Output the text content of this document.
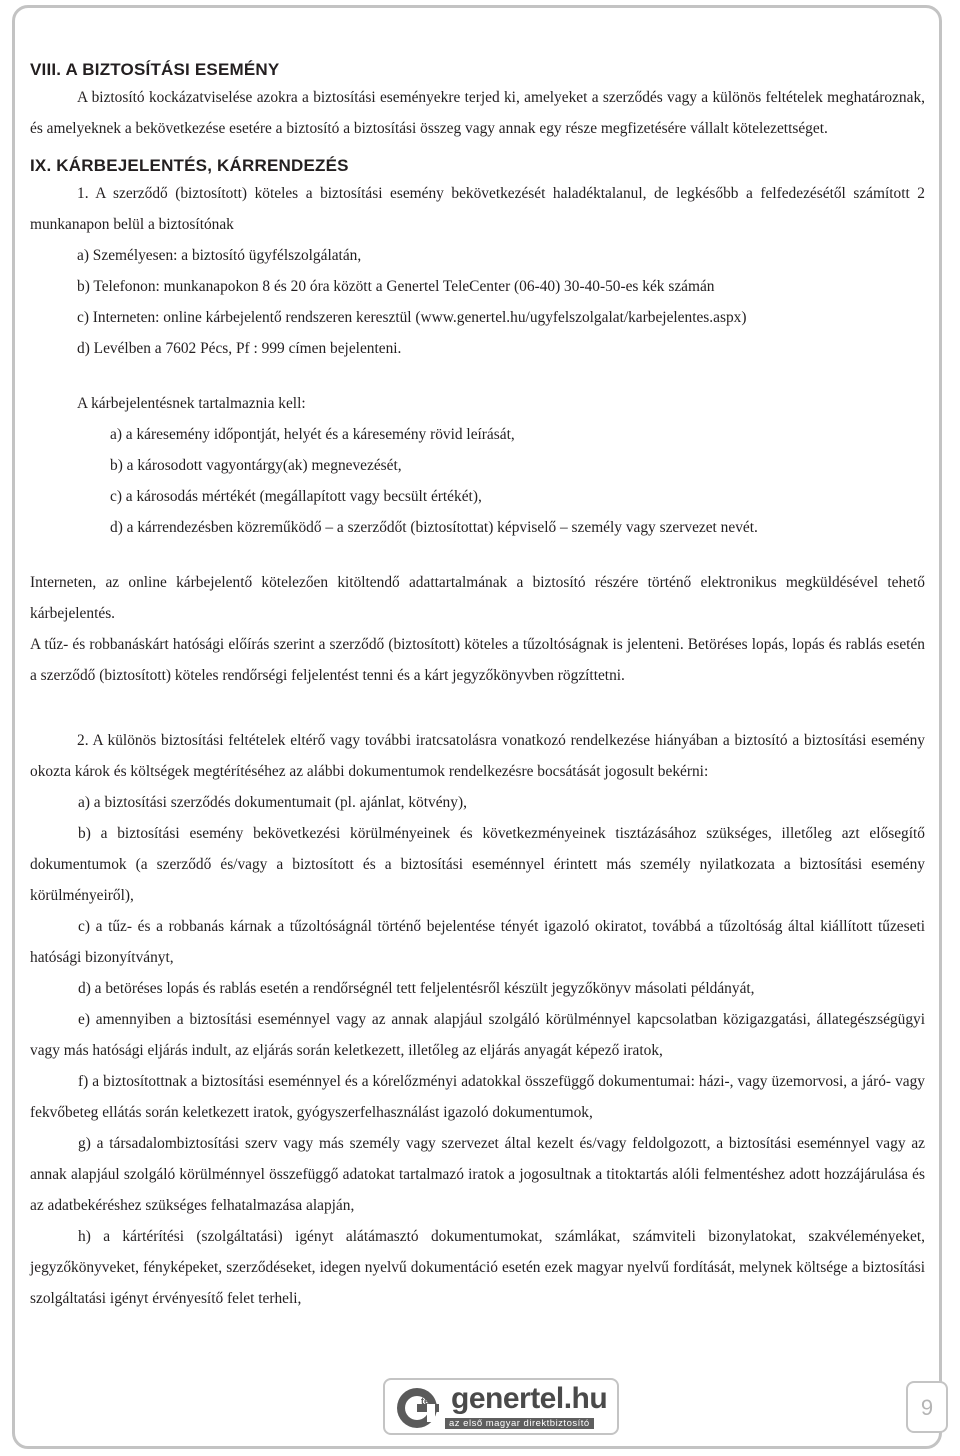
VIII. A BIZTOSÍTÁSI ESEMÉNY

A biztosító kockázatviselése azokra a biztosítási eseményekre terjed ki, amelyeket a szerződés vagy a különös feltételek meghatároznak, és amelyeknek a bekövetkezése esetére a biztosító a biztosítási összeg vagy annak egy része megfizetésére vállalt kötelezettséget.

IX. KÁRBEJELENTÉS, KÁRRENDEZÉS

1. A szerződő (biztosított) köteles a biztosítási esemény bekövetkezését haladéktalanul, de legkésőbb a felfedezésétől számított 2 munkanapon belül a biztosítónak

a) Személyesen: a biztosító ügyfélszolgálatán,

b) Telefonon: munkanapokon 8 és 20 óra között a Genertel TeleCenter (06-40) 30-40-50-es kék számán

c) Interneten: online kárbejelentő rendszeren keresztül (www.genertel.hu/ugyfelszolgalat/karbejelentes.aspx)

d) Levélben a 7602 Pécs, Pf : 999 címen bejelenteni.

A kárbejelentésnek tartalmaznia kell:

a) a káresemény időpontját, helyét és a káresemény rövid leírását,

b) a károsodott vagyontárgy(ak) megnevezését,

c) a károsodás mértékét (megállapított vagy becsült értékét),

d) a kárrendezésben közreműködő – a szerződőt (biztosítottat) képviselő – személy vagy szervezet nevét.

Interneten, az online kárbejelentő kötelezően kitöltendő adattartalmának a biztosító részére történő elektronikus megküldésével tehető kárbejelentés.

A tűz- és robbanáskárt hatósági előírás szerint a szerződő (biztosított) köteles a tűzoltóságnak is jelenteni. Betöréses lopás, lopás és rablás esetén a szerződő (biztosított) köteles rendőrségi feljelentést tenni és a kárt jegyzőkönyvben rögzíttetni.

2. A különös biztosítási feltételek eltérő vagy további iratcsatolásra vonatkozó rendelkezése hiányában a biztosító a biztosítási esemény okozta károk és költségek megtérítéséhez az alábbi dokumentumok rendelkezésre bocsátását jogosult bekérni:

a) a biztosítási szerződés dokumentumait (pl. ajánlat, kötvény),

b) a biztosítási esemény bekövetkezési körülményeinek és következményeinek tisztázásához szükséges, illetőleg azt elősegítő dokumentumok (a szerződő és/vagy a biztosított és a biztosítási eseménnyel érintett más személy nyilatkozata a biztosítási esemény körülményeiről),

c) a tűz- és a robbanás kárnak a tűzoltóságnál történő bejelentése tényét igazoló okiratot, továbbá a tűzoltóság által kiállított tűzeseti hatósági bizonyítványt,

d) a betöréses lopás és rablás esetén a rendőrségnél tett feljelentésről készült jegyzőkönyv másolati példányát,

e) amennyiben a biztosítási eseménnyel vagy az annak alapjául szolgáló körülménnyel kapcsolatban közigazgatási, állategészségügyi vagy más hatósági eljárás indult, az eljárás során keletkezett, illetőleg az eljárás anyagát képező iratok,

f) a biztosítottnak a biztosítási eseménnyel és a kórelőzményi adatokkal összefüggő dokumentumai: házi-, vagy üzemorvosi, a járó- vagy fekvőbeteg ellátás során keletkezett iratok, gyógyszerfelhasználást igazoló dokumentumok,

g) a társadalombiztosítási szerv vagy más személy vagy szervezet által kezelt és/vagy feldolgozott, a biztosítási eseménnyel vagy az annak alapjául szolgáló körülménnyel összefüggő adatokat tartalmazó iratok a jogosultnak a titoktartás alóli felmentéshez adott hozzájárulása és az adatbekéréshez szükséges felhatalmazása alapján,

h) a kártérítési (szolgáltatási) igényt alátámasztó dokumentumokat, számlákat, számviteli bizonylatokat, szakvéleményeket, jegyzőkönyveket, fényképeket, szerződéseket, idegen nyelvű dokumentáció esetén ezek magyar nyelvű fordítását, melynek költsége a biztosítási szolgáltatási igényt érvényesítő felet terheli,

tel genertel.hu
az első magyar direktbiztosító
9
